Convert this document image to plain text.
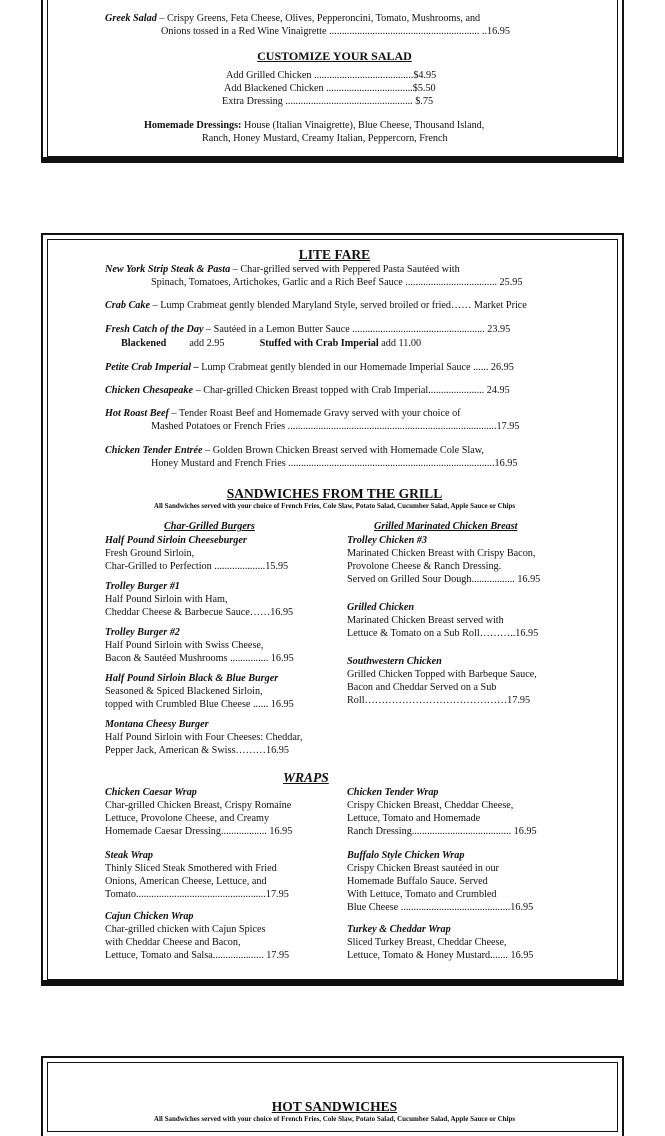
Greek Salad – Crispy Greens, Feta Cheese, Olives, Pepperoncini, Tomato, Mushrooms, and
Onions tossed in a Red Wine Vinaigrette ........................................................... ..16.95
CUSTOMIZE YOUR SALAD
Add Grilled Chicken .......................................$4.95
Add Blackened Chicken ..................................$5.50
Extra Dressing .................................................. $.75
Homemade Dressings: House (Italian Vinaigrette), Blue Cheese, Thousand Island,
Ranch, Honey Mustard, Creamy Italian, Peppercorn, French
LITE FARE
New York Strip Steak & Pasta – Char-grilled served with Peppered Pasta Sautéed with
Spinach, Tomatoes, Artichokes, Garlic and a Rich Beef Sauce .................................... 25.95
Crab Cake – Lump Crabmeat gently blended Maryland Style, served broiled or fried…… Market Price
Fresh Catch of the Day – Sautéed in a Lemon Butter Sauce .................................................... 23.95
Blackened add 2.95	Stuffed with Crab Imperial add 11.00
Petite Crab Imperial – Lump Crabmeat gently blended in our Homemade Imperial Sauce ...... 26.95
Chicken Chesapeake – Char-grilled Chicken Breast topped with Crab Imperial...................... 24.95
Hot Roast Beef – Tender Roast Beef and Homemade Gravy served with your choice of
Mashed Potatoes or French Fries ..................................................................................17.95
Chicken Tender Entrée – Golden Brown Chicken Breast served with Homemade Cole Slaw,
Honey Mustard and French Fries .................................................................................16.95
SANDWICHES FROM THE GRILL
All Sandwiches served with your choice of French Fries, Cole Slaw, Potato Salad, Cucumber Salad, Apple Sauce or Chips
Char-Grilled Burgers	Grilled Marinated Chicken Breast
Half Pound Sirloin Cheeseburger
Fresh Ground Sirloin,
Char-Grilled to Perfection ....................15.95
Trolley Burger #1
Half Pound Sirloin with Ham,
Cheddar Cheese & Barbecue Sauce……16.95
Trolley Burger #2
Half Pound Sirloin with Swiss Cheese,
Bacon & Sautéed Mushrooms ............... 16.95
Half Pound Sirloin Black & Blue Burger
Seasoned & Spiced Blackened Sirloin,
topped with Crumbled Blue Cheese ...... 16.95
Montana Cheesy Burger
Half Pound Sirloin with Four Cheeses: Cheddar,
Pepper Jack, American & Swiss………16.95
Trolley Chicken #3
Marinated Chicken Breast with Crispy Bacon,
Provolone Cheese & Ranch Dressing.
Served on Grilled Sour Dough................. 16.95
Grilled Chicken
Marinated Chicken Breast served with
Lettuce & Tomato on a Sub Roll………..16.95
Southwestern Chicken
Grilled Chicken Topped with Barbeque Sauce,
Bacon and Cheddar Served on a Sub
Roll……………………………………17.95
WRAPS
Chicken Caesar Wrap
Char-grilled Chicken Breast, Crispy Romaine
Lettuce, Provolone Cheese, and Creamy
Homemade Caesar Dressing.................. 16.95
Steak Wrap
Thinly Sliced Steak Smothered with Fried
Onions, American Cheese, Lettuce, and
Tomato...................................................17.95
Cajun Chicken Wrap
Char-grilled chicken with Cajun Spices
with Cheddar Cheese and Bacon,
Lettuce, Tomato and Salsa.................... 17.95
Chicken Tender Wrap
Crispy Chicken Breast, Cheddar Cheese,
Lettuce, Tomato and Homemade
Ranch Dressing....................................... 16.95
Buffalo Style Chicken Wrap
Crispy Chicken Breast sautéed in our
Homemade Buffalo Sauce. Served
With Lettuce, Tomato and Crumbled
Blue Cheese ...........................................16.95
Turkey & Cheddar Wrap
Sliced Turkey Breast, Cheddar Cheese,
Lettuce, Tomato & Honey Mustard....... 16.95
HOT SANDWICHES
All Sandwiches served with your choice of French Fries, Cole Slaw, Potato Salad, Cucumber Salad, Apple Sauce or Chips
